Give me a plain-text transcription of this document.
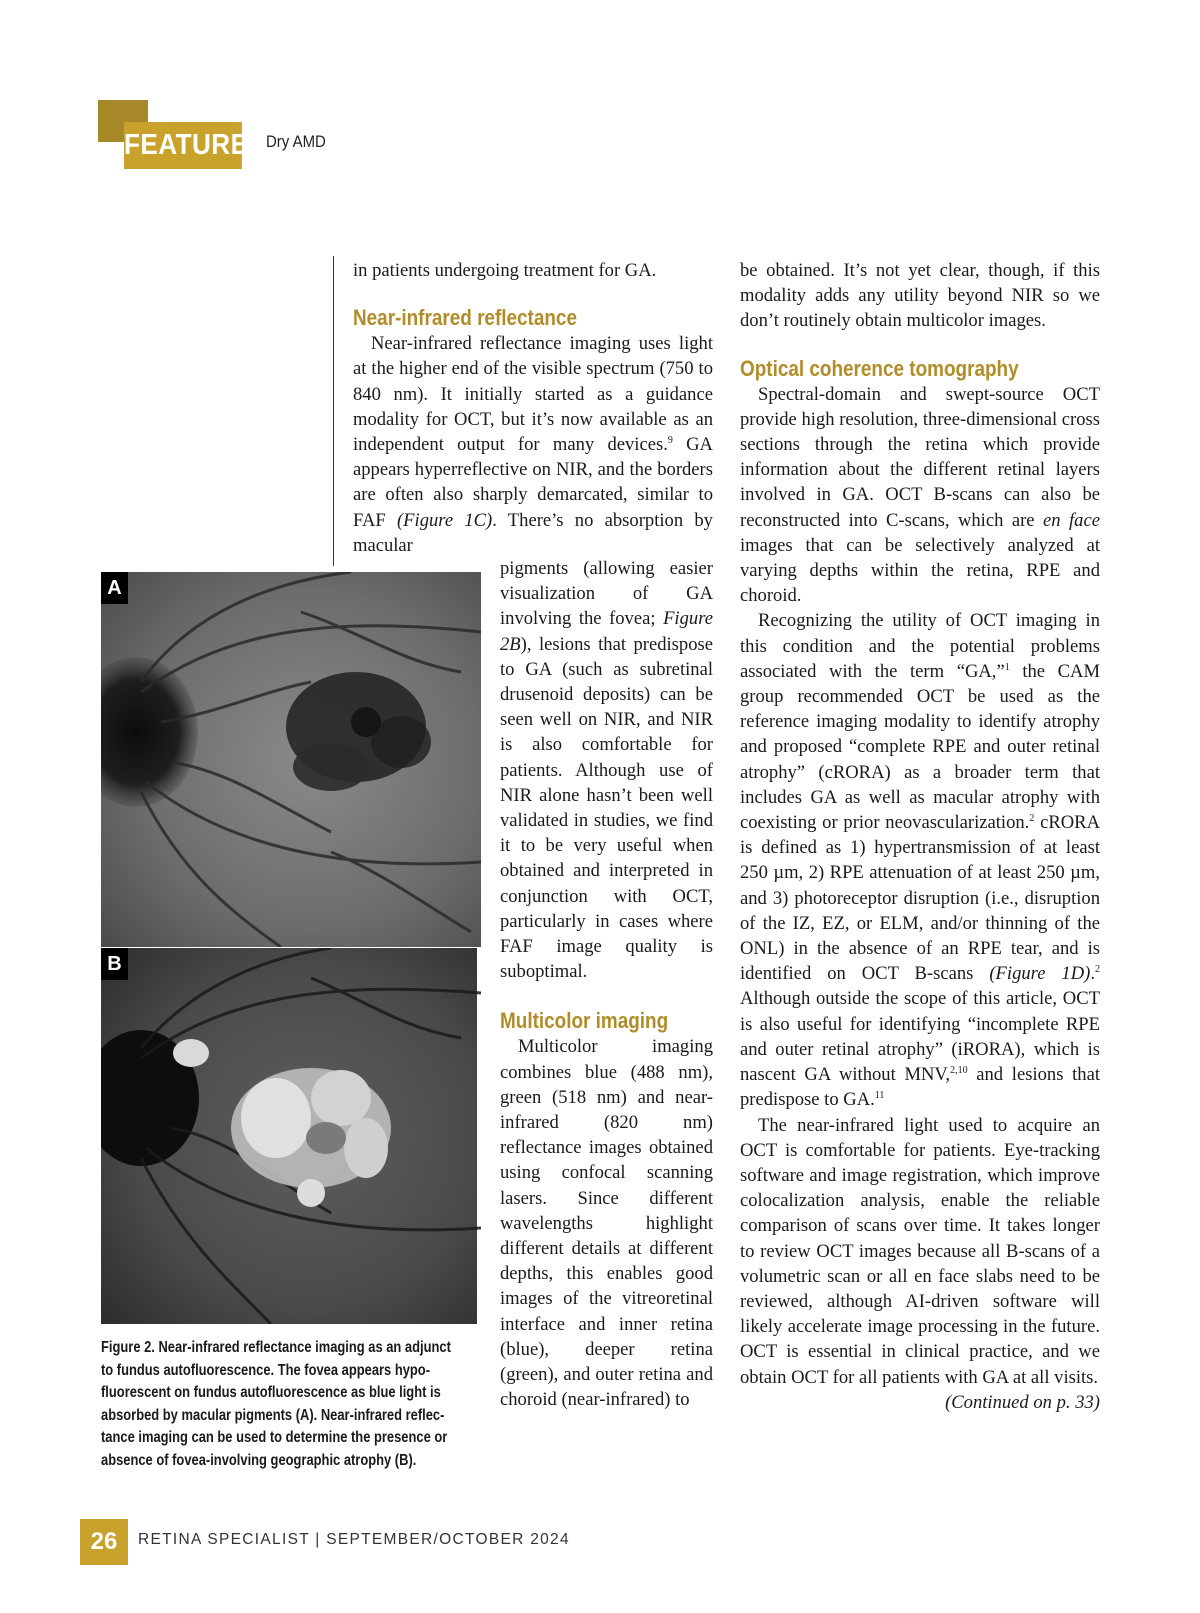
FEATURE Dry AMD

in patients undergoing treatment for GA.

Near-infrared reflectance

Near-infrared reflectance imaging uses light at the higher end of the visible spectrum (750 to 840 nm). It initially started as a guidance modality for OCT, but it’s now available as an independent output for many devices.$^9$ GA appears hyperreflective on NIR, and the borders are often also sharply demarcated, similar to FAF (Figure 1C). There’s no absorption by macular

pigments (allowing easier visualization of GA involving the fovea; Figure 2B), lesions that predispose to GA (such as subretinal drusenoid deposits) can be seen well on NIR, and NIR is also comfortable for patients. Although use of NIR alone hasn’t been well validated in studies, we find it to be very useful when obtained and interpreted in conjunction with OCT, particularly in cases where FAF image quality is suboptimal.

Multicolor imaging

Multicolor imaging combines blue (488 nm), green (518 nm) and near-infrared (820 nm) reflectance images obtained using confocal scanning lasers. Since different wavelengths highlight different details at different depths, this enables good images of the vitreoretinal interface and inner retina (blue), deeper retina (green), and outer retina and choroid (near-infrared) to

be obtained. It’s not yet clear, though, if this modality adds any utility beyond NIR so we don’t routinely obtain multicolor images.

Optical coherence tomography

Spectral-domain and swept-source OCT provide high resolution, three-dimensional cross sections through the retina which provide information about the different retinal layers involved in GA. OCT B-scans can also be reconstructed into C-scans, which are en face images that can be selectively analyzed at varying depths within the retina, RPE and choroid.

Recognizing the utility of OCT imaging in this condition and the potential problems associated with the term “GA,”$^1$ the CAM group recommended OCT be used as the reference imaging modality to identify atrophy and proposed “complete RPE and outer retinal atrophy” (cRORA) as a broader term that includes GA as well as macular atrophy with coexisting or prior neovascularization.$^2$ cRORA is defined as 1) hypertransmission of at least 250 µm, 2) RPE attenuation of at least 250 µm, and 3) photoreceptor disruption (i.e., disruption of the IZ, EZ, or ELM, and/or thinning of the ONL) in the absence of an RPE tear, and is identified on OCT B-scans (Figure 1D).$^2$ Although outside the scope of this article, OCT is also useful for identifying “incomplete RPE and outer retinal atrophy” (iRORA), which is nascent GA without MNV,$^{2,10}$ and lesions that predispose to GA.$^{11}$

The near-infrared light used to acquire an OCT is comfortable for patients. Eye-tracking software and image registration, which improve colocalization analysis, enable the reliable comparison of scans over time. It takes longer to review OCT images because all B-scans of a volumetric scan or all en face slabs need to be reviewed, although AI-driven software will likely accelerate image processing in the future. OCT is essential in clinical practice, and we obtain OCT for all patients with GA at all visits.
(Continued on p. 33)

A
B
Figure 2. Near-infrared reflectance imaging as an adjunct
to fundus autofluorescence. The fovea appears hypo-
fluorescent on fundus autofluorescence as blue light is
absorbed by macular pigments (A). Near-infrared reflec-
tance imaging can be used to determine the presence or
absence of fovea-involving geographic atrophy (B).
26	RETINA SPECIALIST | SEPTEMBER/OCTOBER 2024
